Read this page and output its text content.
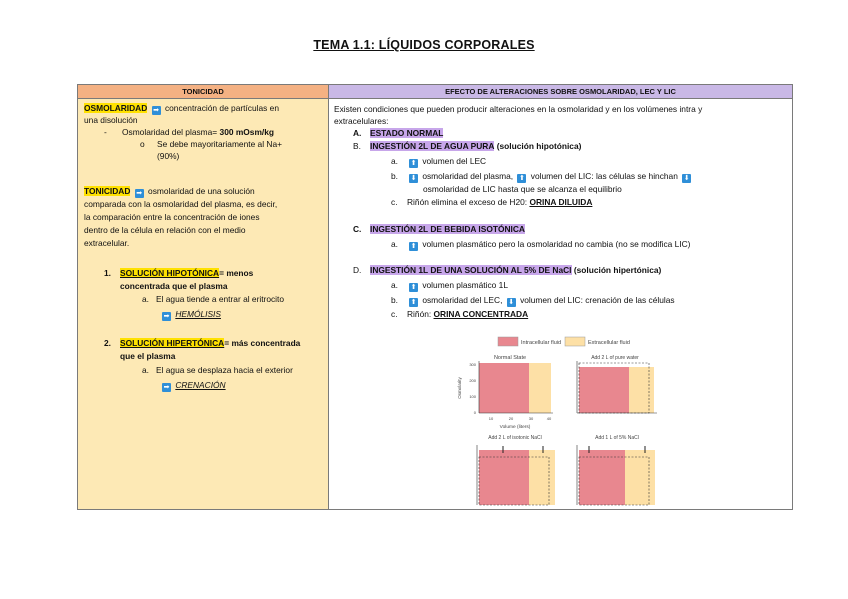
TEMA 1.1: LÍQUIDOS CORPORALES
TONICIDAD	EFECTO DE ALTERACIONES SOBRE OSMOLARIDAD, LEC Y LIC
OSMOLARIDAD ➡ concentración de partículas en
una disolución
- Osmolaridad del plasma= 300 mOsm/kg
o Se debe mayoritariamente al Na+
(90%)
TONICIDAD ➡ osmolaridad de una solución
comparada con la osmolaridad del plasma, es decir,
la comparación entre la concentración de iones
dentro de la célula en relación con el medio
extracelular.
1. SOLUCIÓN HIPOTÓNICA= menos
concentrada que el plasma
a. El agua tiende a entrar al eritrocito
➡ HEMÓLISIS
2. SOLUCIÓN HIPERTÓNICA= más concentrada
que el plasma
a. El agua se desplaza hacia el exterior
➡ CRENACIÓN
Existen condiciones que pueden producir alteraciones en la osmolaridad y en los volúmenes intra y
extracelulares:
A. ESTADO NORMAL
B. INGESTIÓN 2L DE AGUA PURA (solución hipotónica)
a.	⬆ volumen del LEC
b.	⬇ osmolaridad del plasma, ⬆ volumen del LIC: las células se hinchan ⬇
osmolaridad de LIC hasta que se alcanza el equilibrio
c. Riñón elimina el exceso de H20: ORINA DILUIDA
C. INGESTIÓN 2L DE BEBIDA ISOTÓNICA
a.	⬆ volumen plasmático pero la osmolaridad no cambia (no se modifica LIC)
D. INGESTIÓN 1L DE UNA SOLUCIÓN AL 5% DE NaCl (solución hipertónica)
a.	⬆ volumen plasmático 1L
b.	⬆ osmolaridad del LEC, ⬇ volumen del LIC: crenación de las células
c. Riñón: ORINA CONCENTRADA
Intracellular fluid	Extracellular fluid
Normal State
300
200
100
0
10	20	30	40
Osmolarity
Volume (liters)
Add 2 L of pure water
Add 2 L of isotonic NaCl	Add 1 L of 5% NaCl
